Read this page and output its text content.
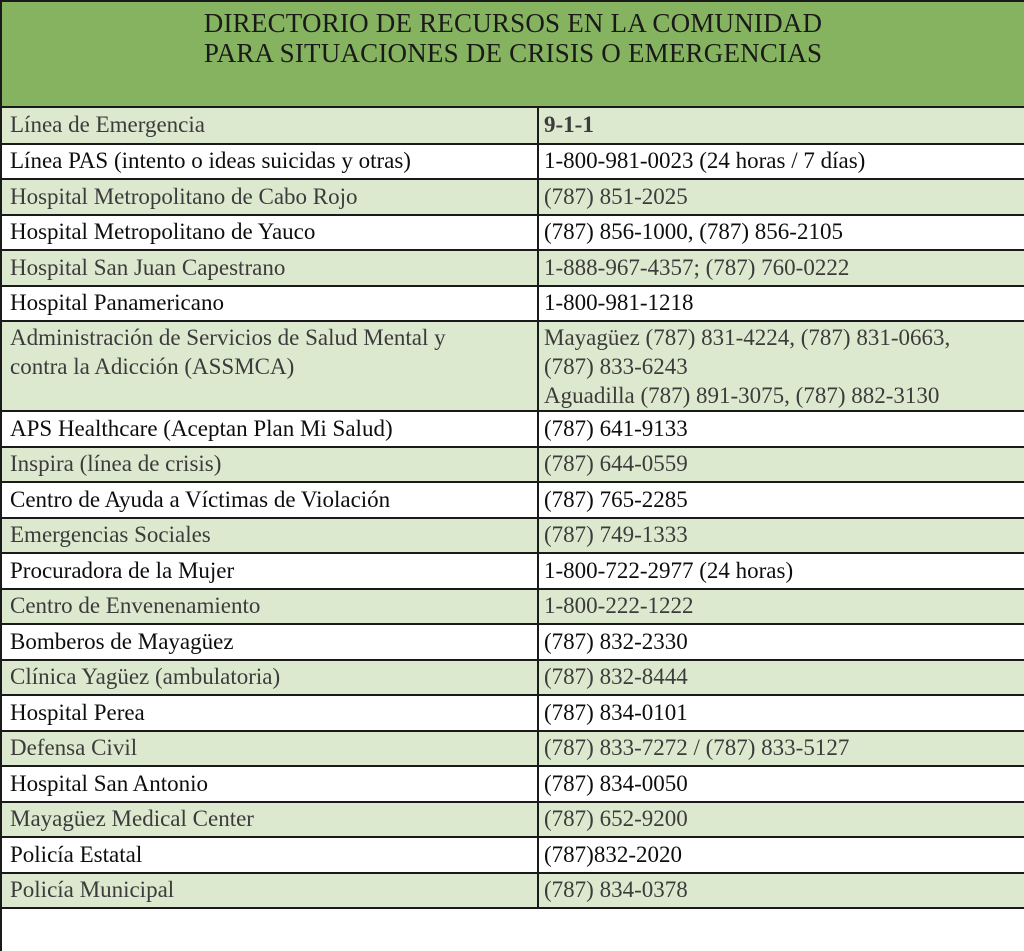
DIRECTORIO DE RECURSOS EN LA COMUNIDAD
PARA SITUACIONES DE CRISIS O EMERGENCIAS
Línea de Emergencia	9-1-1
Línea PAS (intento o ideas suicidas y otras)	1-800-981-0023 (24 horas / 7 días)
Hospital Metropolitano de Cabo Rojo	(787) 851-2025
Hospital Metropolitano de Yauco	(787) 856-1000, (787) 856-2105
Hospital San Juan Capestrano	1-888-967-4357; (787) 760-0222
Hospital Panamericano	1-800-981-1218

Administración de Servicios de Salud Mental y
contra la Adicción (ASSMCA)	Mayagüez (787) 831-4224, (787) 831-0663,
(787) 833-6243
Aguadilla (787) 891-3075, (787) 882-3130

APS Healthcare (Aceptan Plan Mi Salud)	(787) 641-9133
Inspira (línea de crisis)	(787) 644-0559
Centro de Ayuda a Víctimas de Violación	(787) 765-2285
Emergencias Sociales	(787) 749-1333
Procuradora de la Mujer	1-800-722-2977 (24 horas)
Centro de Envenenamiento	1-800-222-1222
Bomberos de Mayagüez	(787) 832-2330
Clínica Yagüez (ambulatoria)	(787) 832-8444
Hospital Perea	(787) 834-0101
Defensa Civil	(787) 833-7272 / (787) 833-5127
Hospital San Antonio	(787) 834-0050
Mayagüez Medical Center	(787) 652-9200
Policía Estatal	(787)832-2020
Policía Municipal	(787) 834-0378
